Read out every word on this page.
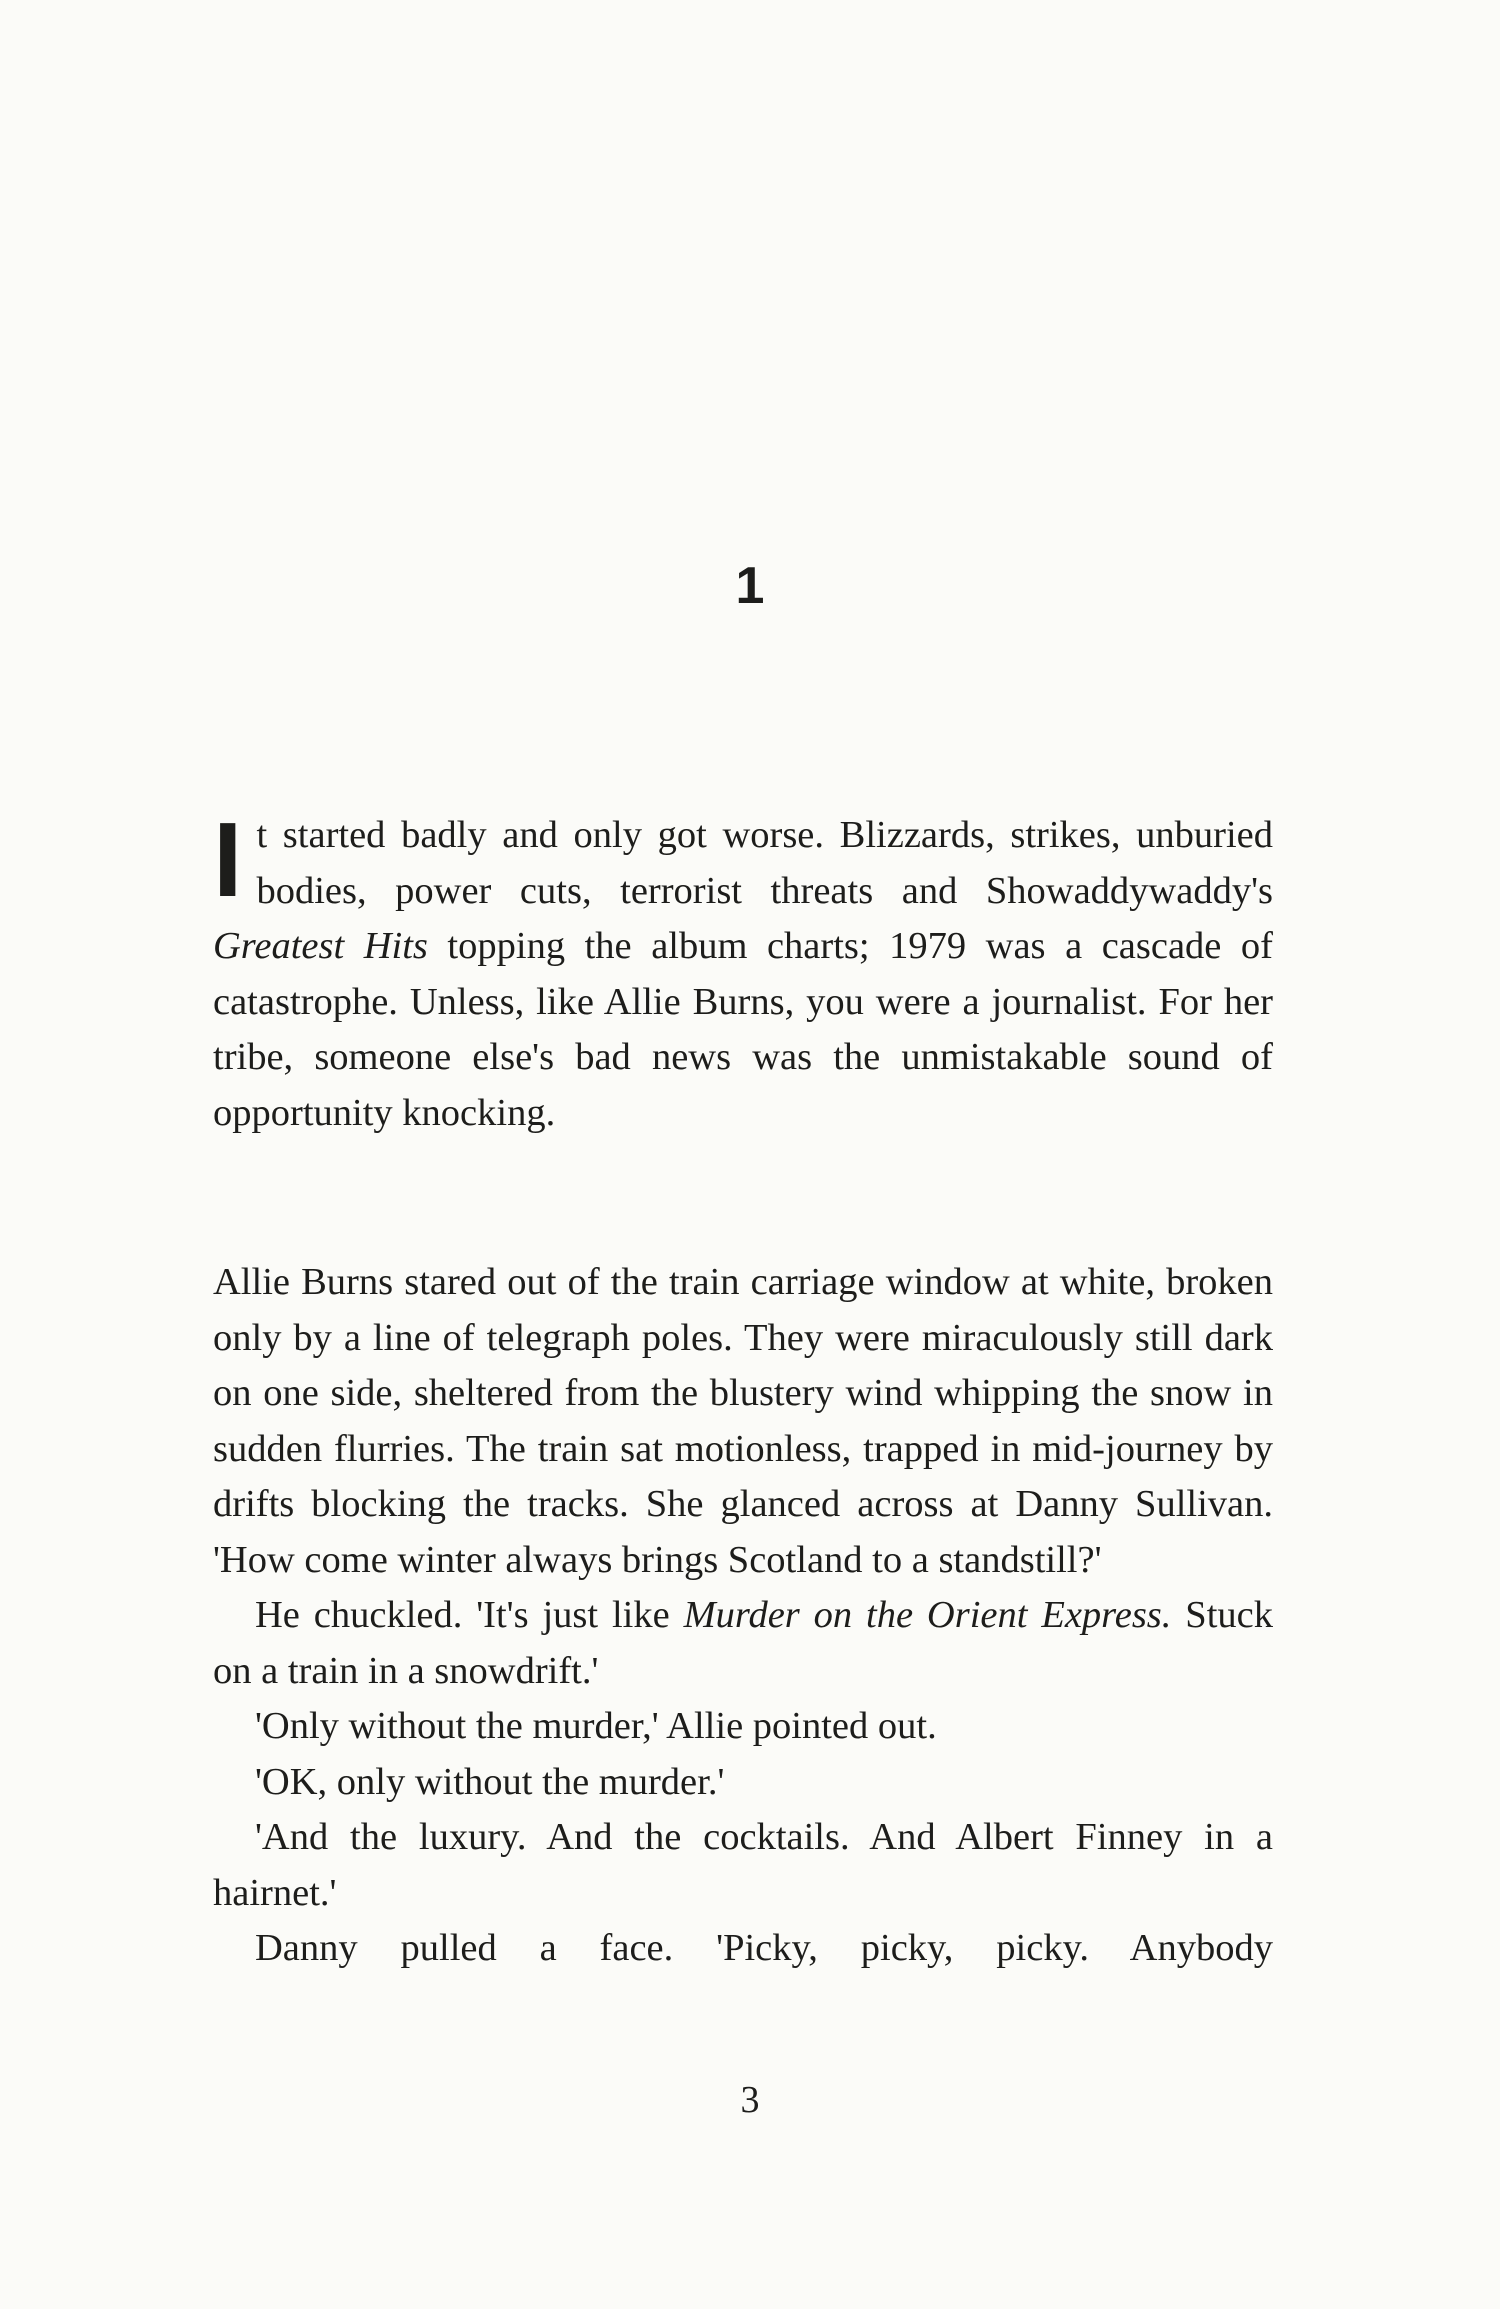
1

It started badly and only got worse. Blizzards, strikes, unburied bodies, power cuts, terrorist threats and Showaddywaddy's Greatest Hits topping the album charts; 1979 was a cascade of catastrophe. Unless, like Allie Burns, you were a journalist. For her tribe, someone else's bad news was the unmistakable sound of opportunity knocking.

Allie Burns stared out of the train carriage window at white, broken only by a line of telegraph poles. They were miraculously still dark on one side, sheltered from the blustery wind whipping the snow in sudden flurries. The train sat motionless, trapped in mid-journey by drifts blocking the tracks. She glanced across at Danny Sullivan. 'How come winter always brings Scotland to a standstill?'

He chuckled. 'It's just like Murder on the Orient Express. Stuck on a train in a snowdrift.'

'Only without the murder,' Allie pointed out.

'OK, only without the murder.'

'And the luxury. And the cocktails. And Albert Finney in a hairnet.'

Danny pulled a face. 'Picky, picky, picky. Anybody

3
